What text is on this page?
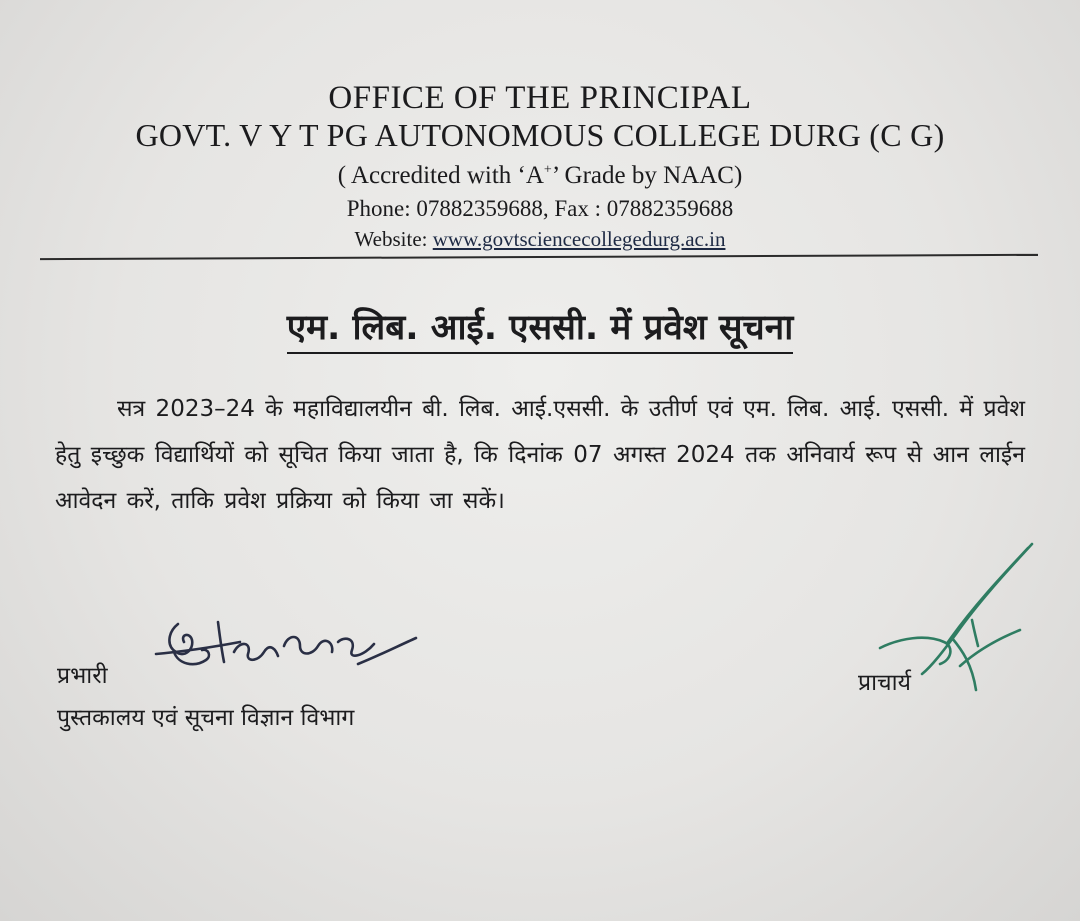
OFFICE OF THE PRINCIPAL
GOVT. V Y T PG AUTONOMOUS COLLEGE DURG (C G)
( Accredited with ‘A+’ Grade by NAAC)
Phone: 07882359688, Fax : 07882359688
Website: www.govtsciencecollegedurg.ac.in
एम. लिब. आई. एससी. में प्रवेश सूचना
सत्र 2023–24 के महाविद्यालयीन बी. लिब. आई.एससी. के उतीर्ण एवं एम. लिब. आई. एससी. में प्रवेश हेतु इच्छुक विद्यार्थियों को सूचित किया जाता है, कि दिनांक 07 अगस्त 2024 तक अनिवार्य रूप से आन लाईन आवेदन करें, ताकि प्रवेश प्रक्रिया को किया जा सकें।
प्रभारी
पुस्तकालय एवं सूचना विज्ञान विभाग
प्राचार्य
